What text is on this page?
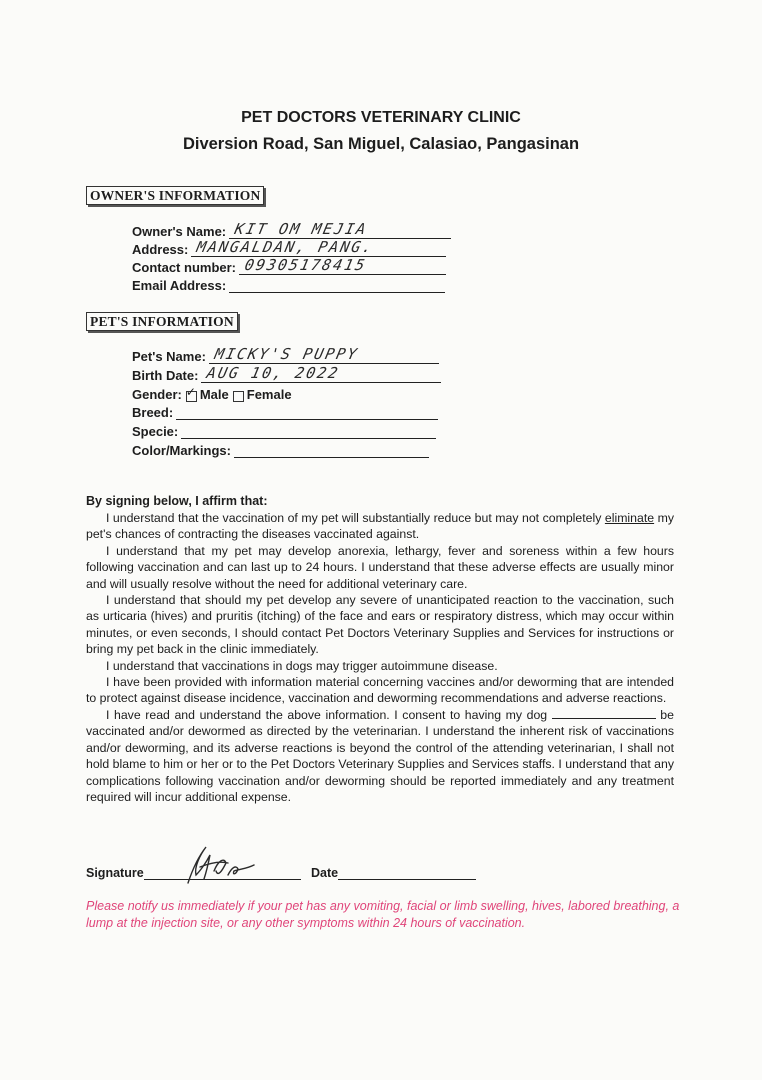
PET DOCTORS VETERINARY CLINIC
Diversion Road, San Miguel, Calasiao, Pangasinan
OWNER'S INFORMATION
Owner's Name: KIT OM MEJIA
Address: MANGALDAN, PANG.
Contact number: 09305178415
Email Address:
PET'S INFORMATION
Pet's Name: MICKY'S PUPPY
Birth Date: AUG 10, 2022
Gender:
✓ Male Female
Breed:
Specie:
Color/Markings:
By signing below, I affirm that:

I understand that the vaccination of my pet will substantially reduce but may not completely eliminate my pet's chances of contracting the diseases vaccinated against.

I understand that my pet may develop anorexia, lethargy, fever and soreness within a few hours following vaccination and can last up to 24 hours. I understand that these adverse effects are usually minor and will usually resolve without the need for additional veterinary care.

I understand that should my pet develop any severe of unanticipated reaction to the vaccination, such as urticaria (hives) and pruritis (itching) of the face and ears or respiratory distress, which may occur within minutes, or even seconds, I should contact Pet Doctors Veterinary Supplies and Services for instructions or bring my pet back in the clinic immediately.

I understand that vaccinations in dogs may trigger autoimmune disease.

I have been provided with information material concerning vaccines and/or deworming that are intended to protect against disease incidence, vaccination and deworming recommendations and adverse reactions.

I have read and understand the above information. I consent to having my dog	be vaccinated and/or dewormed as directed by the veterinarian. I understand the inherent risk of vaccinations and/or deworming, and its adverse reactions is beyond the control of the attending veterinarian, I shall not hold blame to him or her or to the Pet Doctors Veterinary Supplies and Services staffs. I understand that any complications following vaccination and/or deworming should be reported immediately and any treatment required will incur additional expense.

Signature	Date
Please notify us immediately if your pet has any vomiting, facial or limb swelling, hives, labored breathing, a lump at the injection site, or any other symptoms within 24 hours of vaccination.
